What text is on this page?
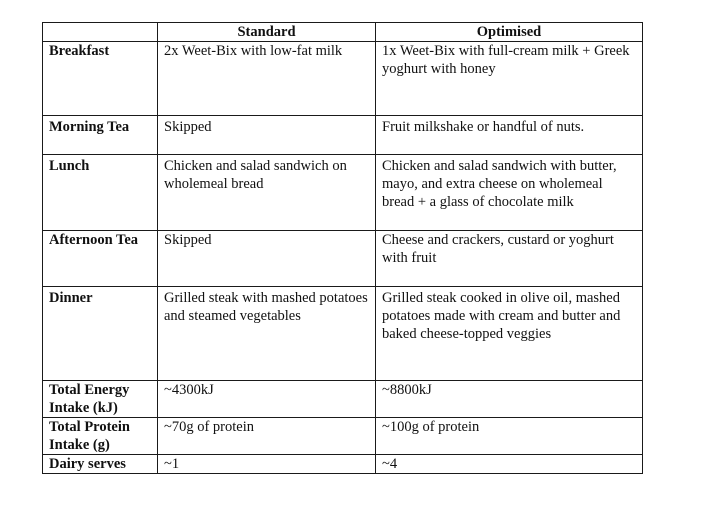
	Standard	Optimised
Breakfast	2x Weet-Bix with low-fat milk	1x Weet-Bix with full-cream milk + Greek yoghurt with honey
Morning Tea	Skipped	Fruit milkshake or handful of nuts.
Lunch	Chicken and salad sandwich on wholemeal bread	Chicken and salad sandwich with butter, mayo, and extra cheese on wholemeal bread + a glass of chocolate milk
Afternoon Tea	Skipped	Cheese and crackers, custard or yoghurt with fruit
Dinner	Grilled steak with mashed potatoes and steamed vegetables	Grilled steak cooked in olive oil, mashed potatoes made with cream and butter and baked cheese-topped veggies
Total Energy Intake (kJ)	~4300kJ	~8800kJ
Total Protein Intake (g)	~70g of protein	~100g of protein
Dairy serves	~1	~4
